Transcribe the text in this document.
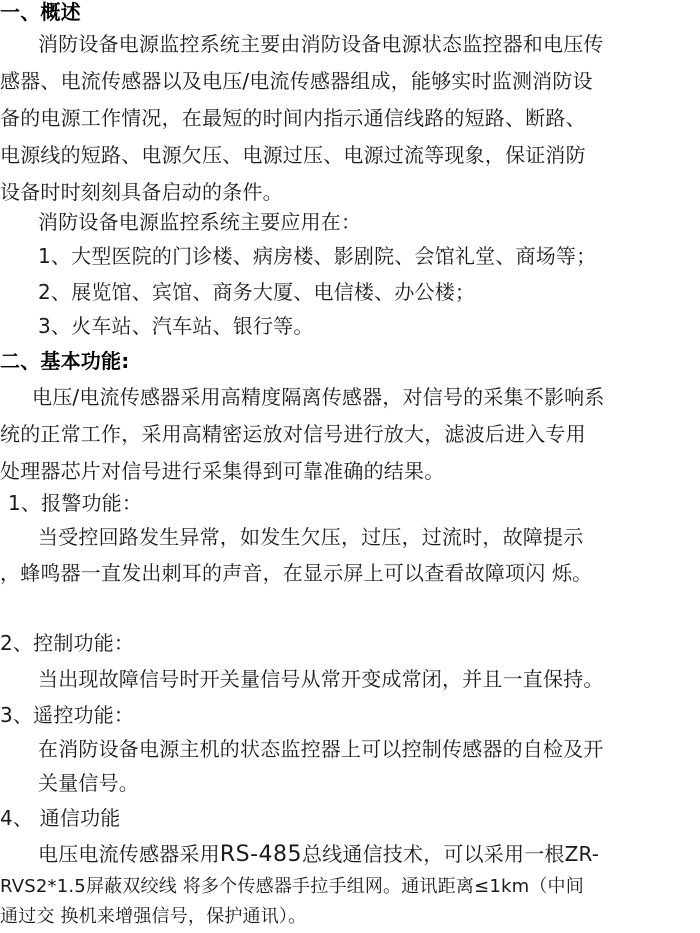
一、概述
消防设备电源监控系统主要由消防设备电源状态监控器和电压传
感器、电流传感器以及电压/电流传感器组成，能够实时监测消防设
备的电源工作情况，在最短的时间内指示通信线路的短路、断路、
电源线的短路、电源欠压、电源过压、电源过流等现象，保证消防
设备时时刻刻具备启动的条件。
消防设备电源监控系统主要应用在：
1、大型医院的门诊楼、病房楼、影剧院、会馆礼堂、商场等；
2、展览馆、宾馆、商务大厦、电信楼、办公楼；
3、火车站、汽车站、银行等。
二、基本功能:
电压/电流传感器采用高精度隔离传感器，对信号的采集不影响系
统的正常工作，采用高精密运放对信号进行放大，滤波后进入专用
处理器芯片对信号进行采集得到可靠准确的结果。
1、报警功能：
当受控回路发生异常，如发生欠压，过压，过流时，故障提示
，蜂鸣器一直发出刺耳的声音，在显示屏上可以查看故障项闪 烁。
2、控制功能：
当出现故障信号时开关量信号从常开变成常闭，并且一直保持。
3、遥控功能：
在消防设备电源主机的状态监控器上可以控制传感器的自检及开
关量信号。
4、 通信功能
电压电流传感器采用RS-485总线通信技术，可以采用一根ZR-
RVS2*1.5屏蔽双绞线 将多个传感器手拉手组网。通讯距离≤1km（中间
通过交 换机来增强信号，保护通讯）。
